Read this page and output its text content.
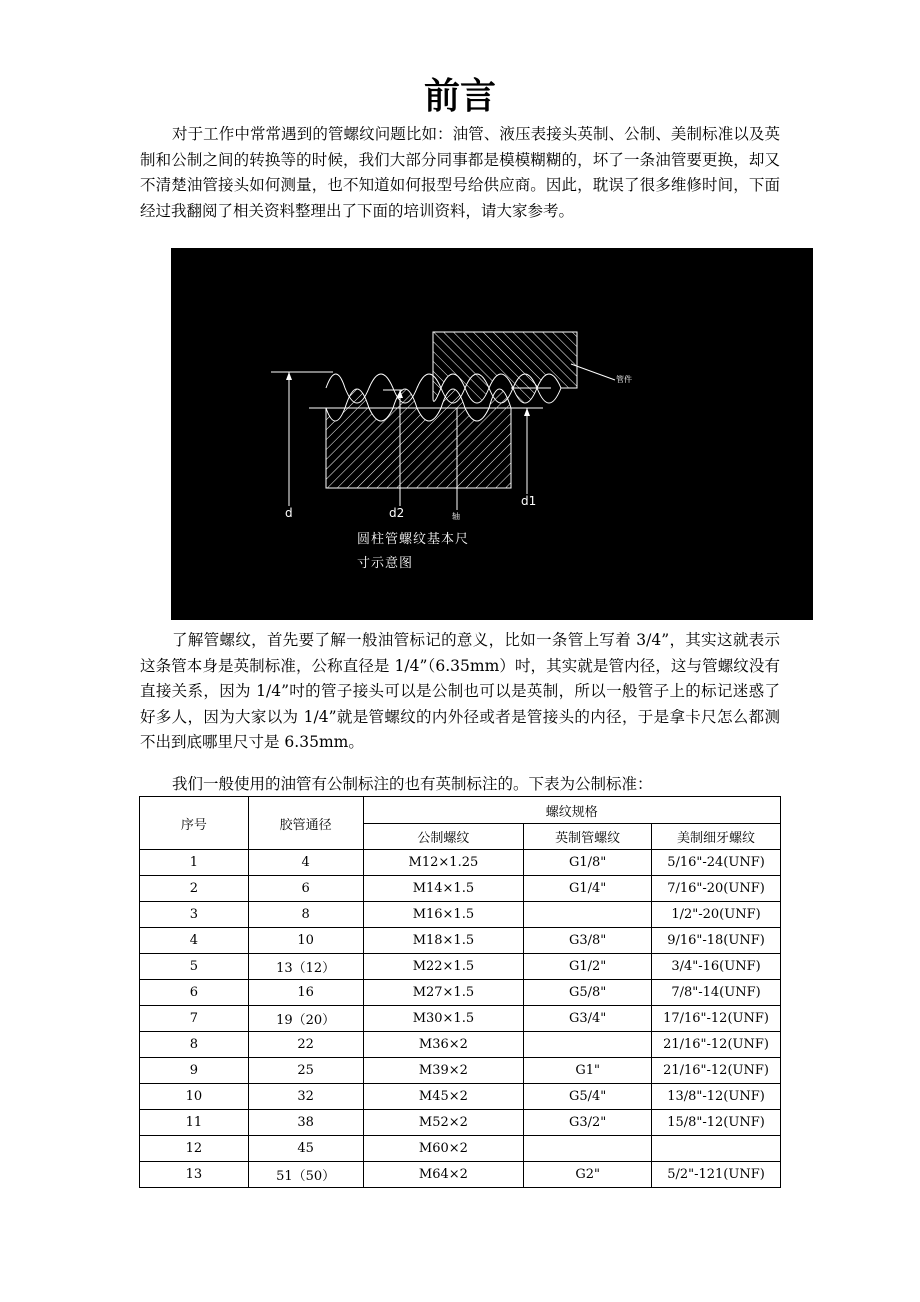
前言
对于工作中常常遇到的管螺纹问题比如：油管、液压表接头英制、公制、美制标准以及英制和公制之间的转换等的时候，我们大部分同事都是模模糊糊的，坏了一条油管要更换，却又不清楚油管接头如何测量，也不知道如何报型号给供应商。因此，耽误了很多维修时间，下面经过我翻阅了相关资料整理出了下面的培训资料，请大家参考。
d	d2
d1
轴
管件
圆柱管螺纹基本尺
寸示意图
了解管螺纹，首先要了解一般油管标记的意义，比如一条管上写着 3/4”，其实这就表示这条管本身是英制标准，公称直径是 1/4”（6.35mm）吋，其实就是管内径，这与管螺纹没有直接关系，因为 1/4”吋的管子接头可以是公制也可以是英制，所以一般管子上的标记迷惑了好多人，因为大家以为 1/4”就是管螺纹的内外径或者是管接头的内径，于是拿卡尺怎么都测不出到底哪里尺寸是 6.35mm。
我们一般使用的油管有公制标注的也有英制标注的。下表为公制标准：
序号	胶管通径	螺纹规格		
		公制螺纹	英制管螺纹	美制细牙螺纹
1	4	M12×1.25	G1/8"	5/16"-24(UNF)
2	6	M14×1.5	G1/4"	7/16"-20(UNF)
3	8	M16×1.5		1/2"-20(UNF)
4	10	M18×1.5	G3/8"	9/16"-18(UNF)
5	13（12）	M22×1.5	G1/2"	3/4"-16(UNF)
6	16	M27×1.5	G5/8"	7/8"-14(UNF)
7	19（20）	M30×1.5	G3/4"	17/16"-12(UNF)
8	22	M36×2		21/16"-12(UNF)
9	25	M39×2	G1"	21/16"-12(UNF)
10	32	M45×2	G5/4"	13/8"-12(UNF)
11	38	M52×2	G3/2"	15/8"-12(UNF)
12	45	M60×2		
13	51（50）	M64×2	G2"	5/2"-121(UNF)
